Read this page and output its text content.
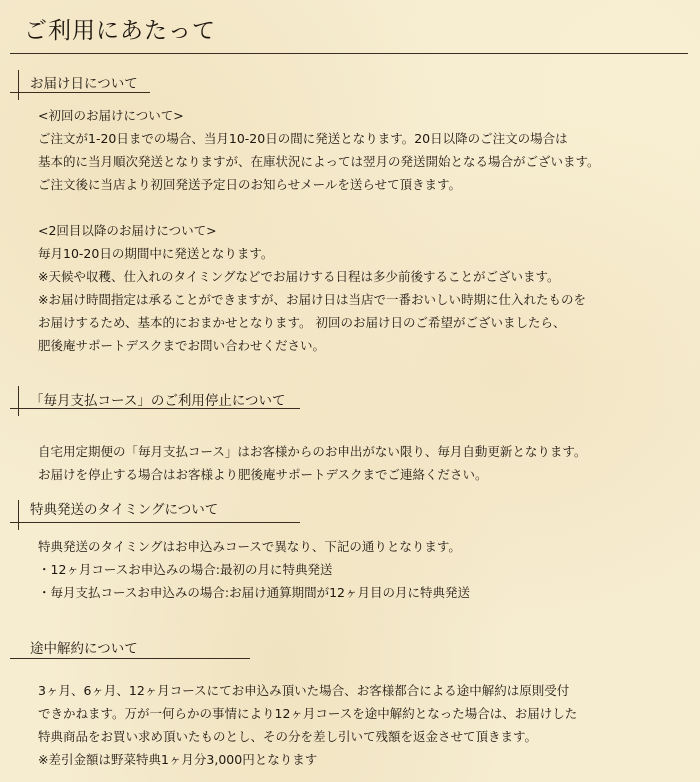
ご利用にあたって
お届け日について
<初回のお届けについて>
ご注文が1-20日までの場合、当月10-20日の間に発送となります。20日以降のご注文の場合は
基本的に当月順次発送となりますが、在庫状況によっては翌月の発送開始となる場合がございます。
ご注文後に当店より初回発送予定日のお知らせメールを送らせて頂きます。
<2回目以降のお届けについて>
毎月10-20日の期間中に発送となります。
※天候や収穫、仕入れのタイミングなどでお届けする日程は多少前後することがございます。
※お届け時間指定は承ることができますが、お届け日は当店で一番おいしい時期に仕入れたものを
お届けするため、基本的におまかせとなります。 初回のお届け日のご希望がございましたら、
肥後庵サポートデスクまでお問い合わせください。
「毎月支払コース」のご利用停止について
自宅用定期便の「毎月支払コース」はお客様からのお申出がない限り、毎月自動更新となります。
お届けを停止する場合はお客様より肥後庵サポートデスクまでご連絡ください。
特典発送のタイミングについて
特典発送のタイミングはお申込みコースで異なり、下記の通りとなります。
・12ヶ月コースお申込みの場合:最初の月に特典発送
・毎月支払コースお申込みの場合:お届け通算期間が12ヶ月目の月に特典発送
途中解約について
3ヶ月、6ヶ月、12ヶ月コースにてお申込み頂いた場合、お客様都合による途中解約は原則受付
できかねます。万が一何らかの事情により12ヶ月コースを途中解約となった場合は、お届けした
特典商品をお買い求め頂いたものとし、その分を差し引いて残額を返金させて頂きます。
※差引金額は野菜特典1ヶ月分3,000円となります
